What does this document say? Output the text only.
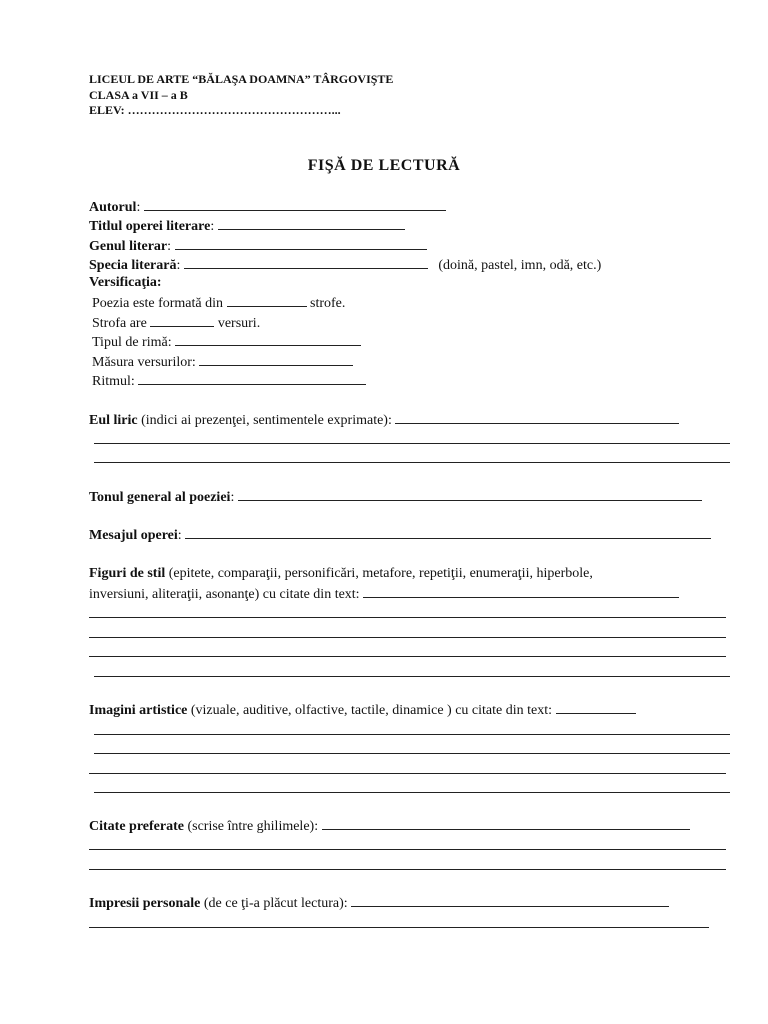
LICEUL DE ARTE “BĂLAŞA DOAMNA” TÂRGOVIŞTE
CLASA a VII – a B
ELEV: ……………………………………………...
FIŞĂ DE LECTURĂ
Autorul:
Titlul operei literare:
Genul literar:
Specia literară:	(doină, pastel, imn, odă, etc.)
Versificaţia:
Poezia este formată din	strofe.
Strofa are	versuri.
Tipul de rimă:
Măsura versurilor:
Ritmul:
Eul liric (indici ai prezenţei, sentimentele exprimate):
Tonul general al poeziei:
Mesajul operei:
Figuri de stil (epitete, comparaţii, personificări, metafore, repetiţii, enumeraţii, hiperbole,
inversiuni, aliteraţii, asonanţe) cu citate din text:
Imagini artistice (vizuale, auditive, olfactive, tactile, dinamice ) cu citate din text:
Citate preferate (scrise între ghilimele):
Impresii personale (de ce ţi-a plăcut lectura):
